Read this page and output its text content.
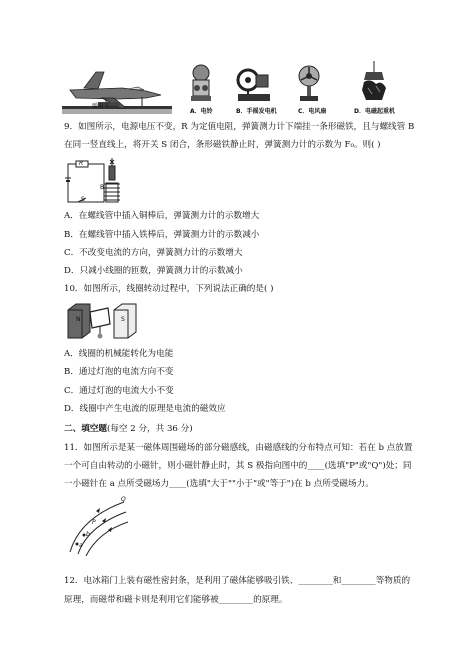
弹射车
A．电铃	B．手摇发电机	C．电风扇	D．电磁起重机
9．如图所示，电源电压不变，R 为定值电阻，弹簧测力计下端挂一条形磁铁，且与螺线管 B
在同一竖直线上，将开关 S 闭合，条形磁铁静止时，弹簧测力计的示数为 F₀。则( )
R
S
B
A．在螺线管中插入铜棒后，弹簧测力计的示数增大
B．在螺线管中插入铁棒后，弹簧测力计的示数减小
C．不改变电流的方向，弹簧测力计的示数增大
D．只减小线圈的匝数，弹簧测力计的示数减小
10．如图所示，线圈转动过程中，下列说法正确的是( )
N	S
A．线圈的机械能转化为电能
B．通过灯泡的电流方向不变
C．通过灯泡的电流大小不变
D．线圈中产生电流的原理是电流的磁效应
二、填空题(每空 2 分，共 36 分)
11．如图所示是某一磁体周围磁场的部分磁感线，由磁感线的分布特点可知：若在 b 点放置
一个可自由转动的小磁针，则小磁针静止时，其 S 极指向图中的____(选填"P"或"Q")处；同
一小磁针在 a 点所受磁场力____(选填"大于""小于"或"等于")在 b 点所受磁场力。
Q
P
b
a
12．电冰箱门上装有磁性密封条，是利用了磁体能够吸引铁、________和________等物质的
原理，而磁带和磁卡则是利用它们能够被________的原理。
